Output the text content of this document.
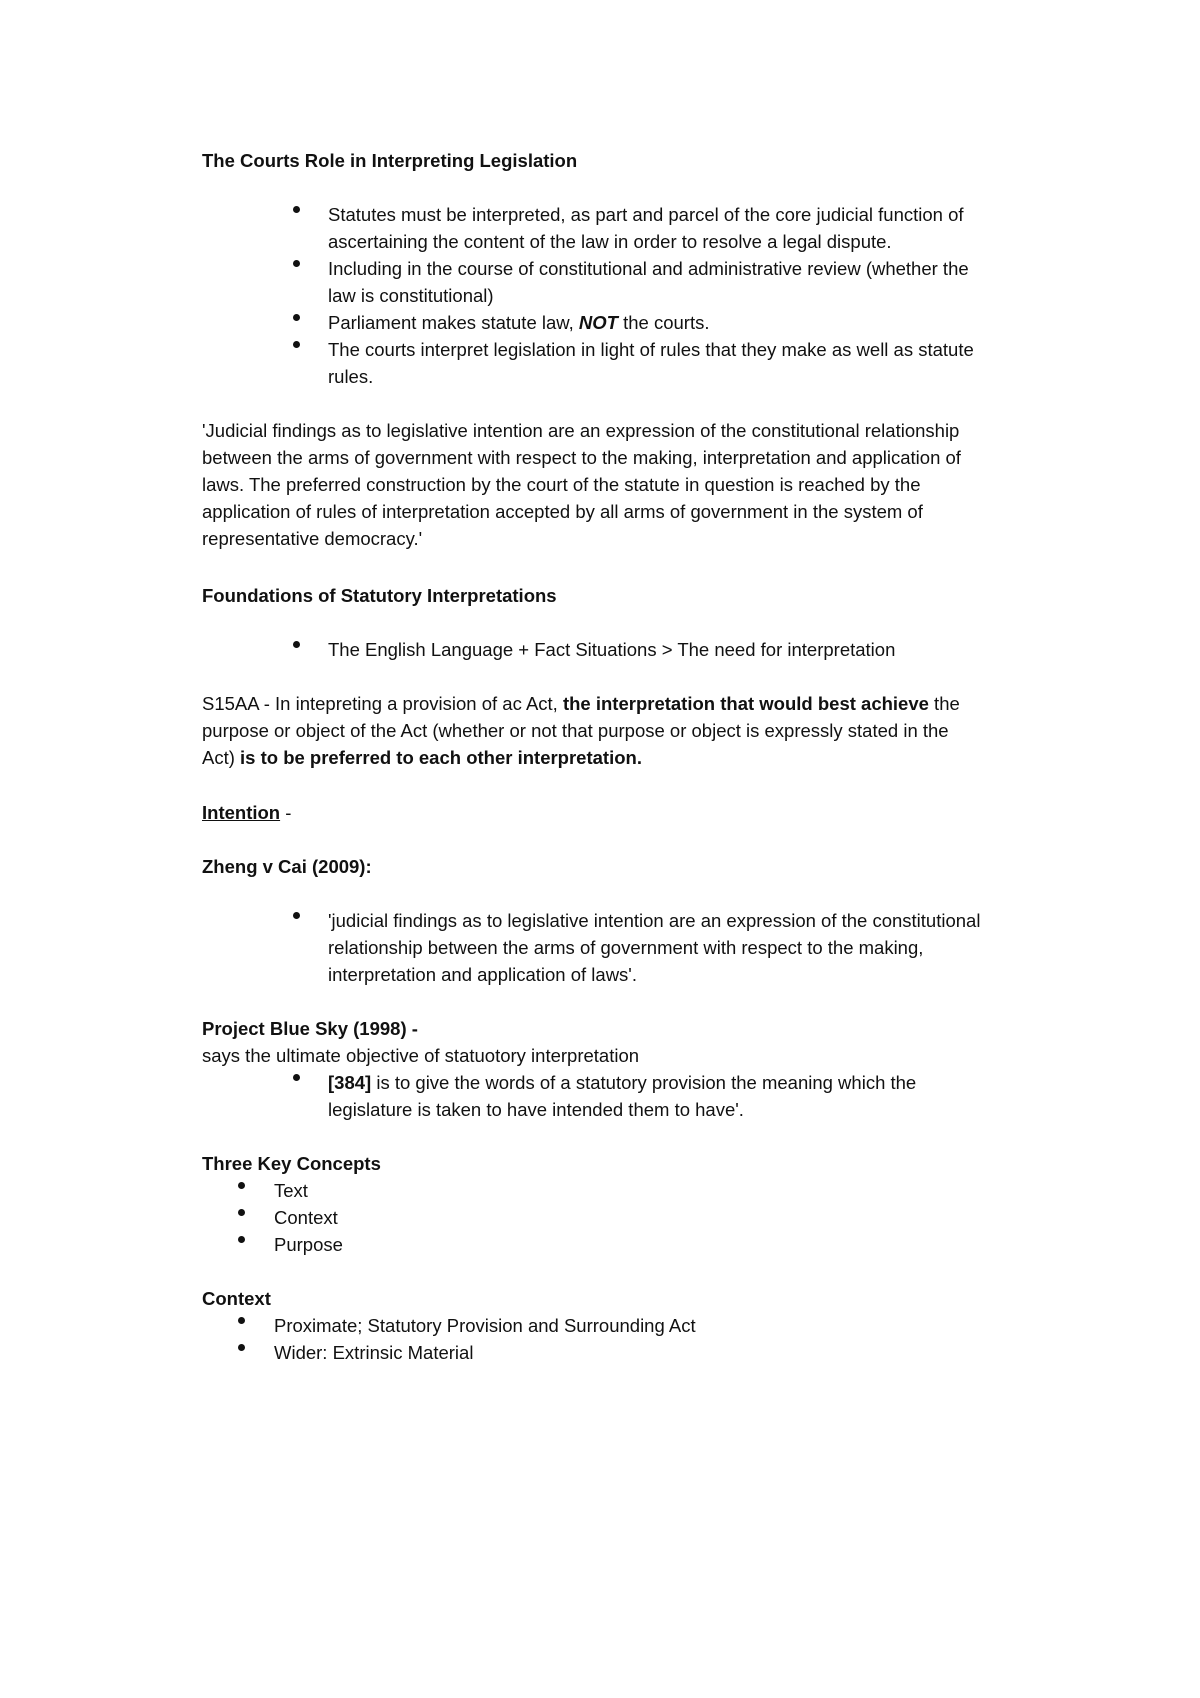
The Courts Role in Interpreting Legislation
Statutes must be interpreted, as part and parcel of the core judicial function of
ascertaining the content of the law in order to resolve a legal dispute.
Including in the course of constitutional and administrative review (whether the
law is constitutional)
Parliament makes statute law, NOT the courts.
The courts interpret legislation in light of rules that they make as well as statute
rules.
'Judicial findings as to legislative intention are an expression of the constitutional relationship
between the arms of government with respect to the making, interpretation and application of
laws. The preferred construction by the court of the statute in question is reached by the
application of rules of interpretation accepted by all arms of government in the system of
representative democracy.'
Foundations of Statutory Interpretations
The English Language + Fact Situations > The need for interpretation
S15AA - In intepreting a provision of ac Act, the interpretation that would best achieve the
purpose or object of the Act (whether or not that purpose or object is expressly stated in the
Act) is to be preferred to each other interpretation.
Intention -
Zheng v Cai (2009):
'judicial findings as to legislative intention are an expression of the constitutional
relationship between the arms of government with respect to the making,
interpretation and application of laws'.
Project Blue Sky (1998) -
says the ultimate objective of statuotory interpretation
[384] is to give the words of a statutory provision the meaning which the
legislature is taken to have intended them to have'.
Three Key Concepts
Text
Context
Purpose
Context
Proximate; Statutory Provision and Surrounding Act
Wider: Extrinsic Material
